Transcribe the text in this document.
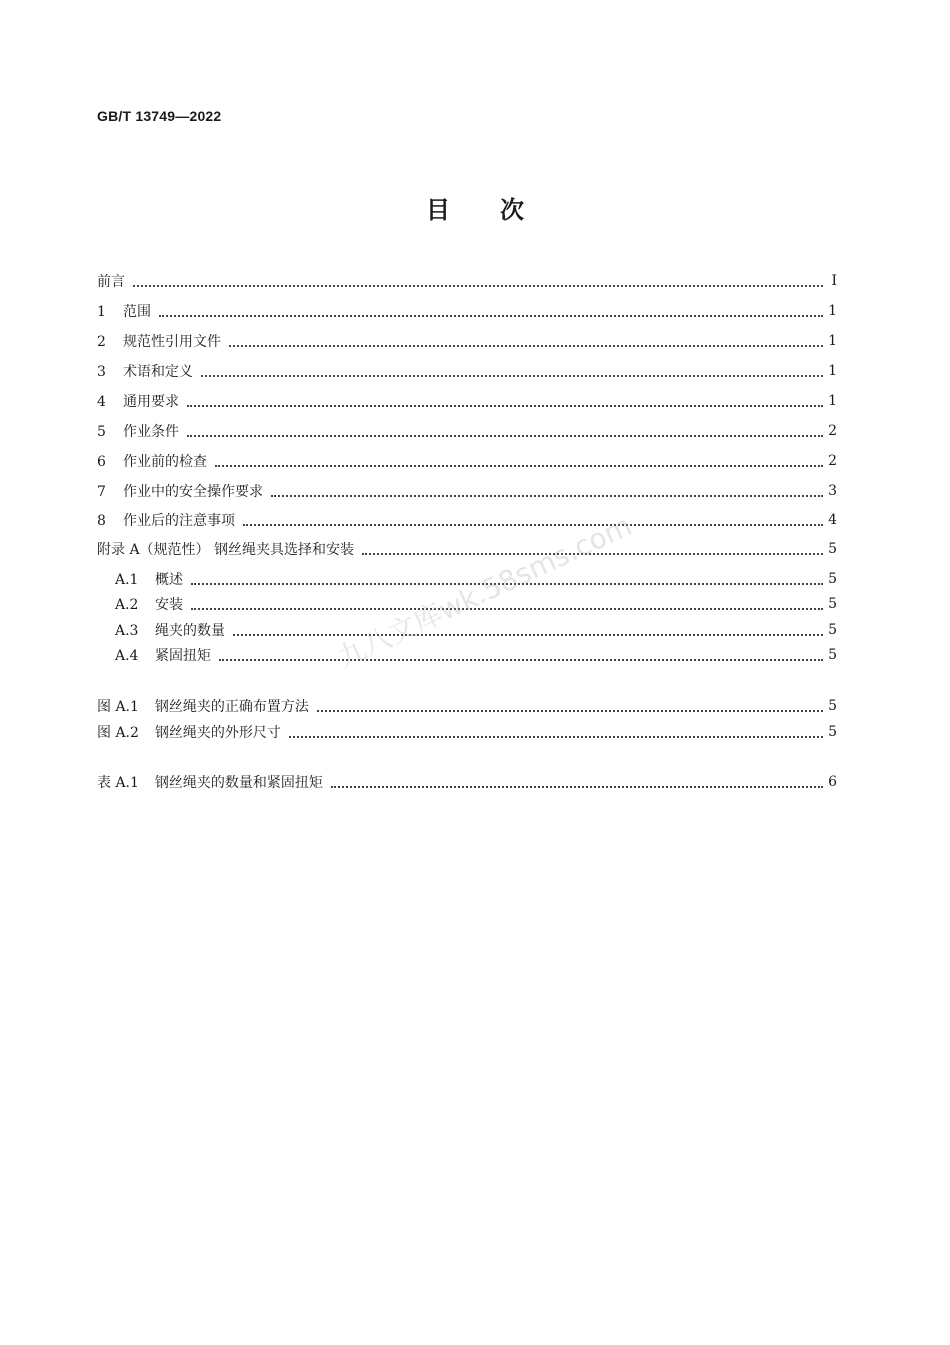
GB/T 13749—2022
目次
前言	I
1 范围	1
2 规范性引用文件	1
3 术语和定义	1
4 通用要求	1
5 作业条件	2
6 作业前的检查	2
7 作业中的安全操作要求	3
8 作业后的注意事项	4
附录 A（规范性） 钢丝绳夹具选择和安装	5
A.1 概述	5
A.2 安装	5
A.3 绳夹的数量	5
A.4 紧固扭矩	5
图 A.1 钢丝绳夹的正确布置方法	5
图 A.2 钢丝绳夹的外形尺寸	5
表 A.1 钢丝绳夹的数量和紧固扭矩	6
九八文库wk.58sms.com
